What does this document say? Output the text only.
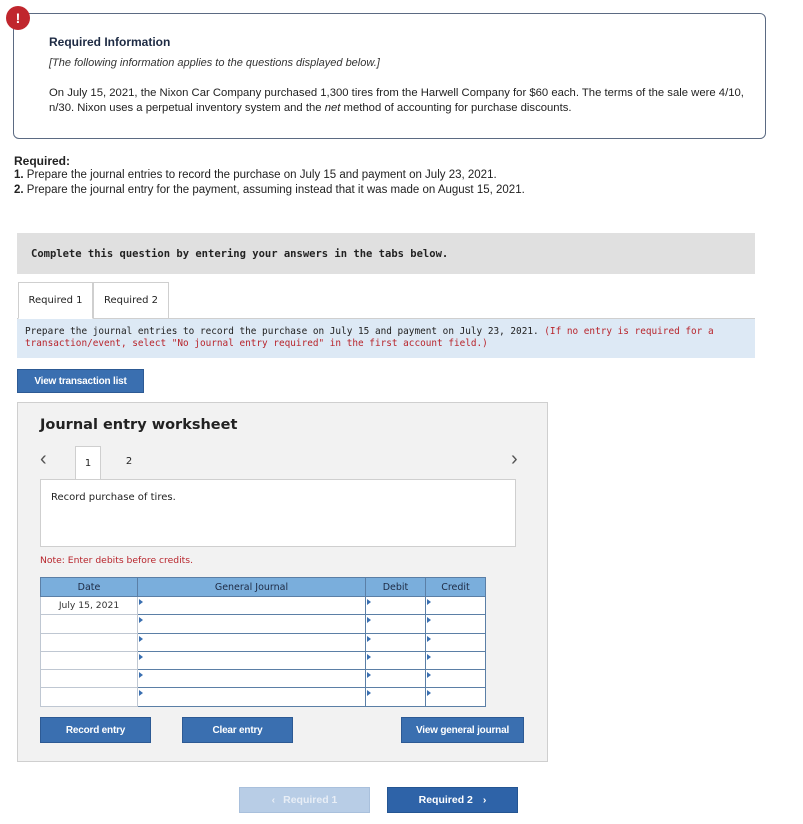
!
Required Information
[The following information applies to the questions displayed below.]
On July 15, 2021, the Nixon Car Company purchased 1,300 tires from the Harwell Company for $60 each. The terms of the sale were 4/10, n/30. Nixon uses a perpetual inventory system and the net method of accounting for purchase discounts.
Required:
1. Prepare the journal entries to record the purchase on July 15 and payment on July 23, 2021.
2. Prepare the journal entry for the payment, assuming instead that it was made on August 15, 2021.
Complete this question by entering your answers in the tabs below.
Required 1	Required 2
Prepare the journal entries to record the purchase on July 15 and payment on July 23, 2021. (If no entry is required for a transaction/event, select "No journal entry required" in the first account field.)
View transaction list
Journal entry worksheet
‹	1	2	›
Record purchase of tires.
Note: Enter debits before credits.
Date	General Journal	Debit	Credit
July 15, 2021			

Record entry	Clear entry	View general journal
‹ Required 1	Required 2 ›
